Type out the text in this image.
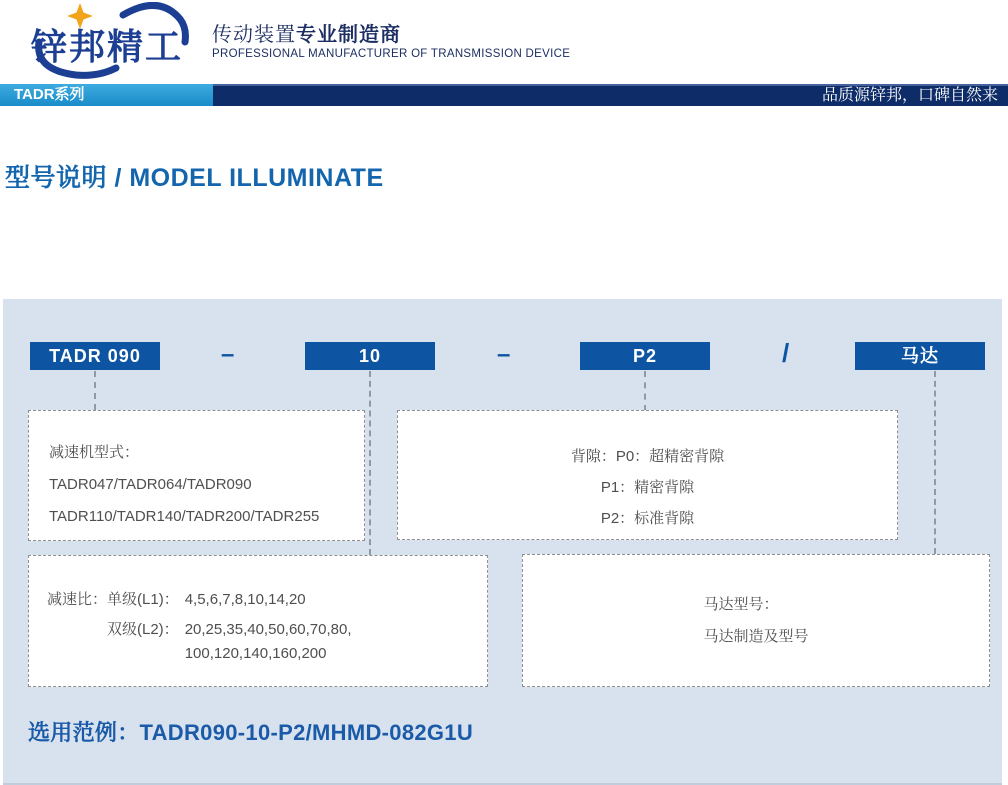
锌邦精工 传动装置专业制造商
PROFESSIONAL MANUFACTURER OF TRANSMISSION DEVICE
TADR系列	品质源锌邦，口碑自然来
型号说明 / MODEL ILLUMINATE
TADR 090	–	10	–	P2	/	马达
减速机型式：
TADR047/TADR064/TADR090
TADR110/TADR140/TADR200/TADR255
背隙：P0：超精密背隙
P1：精密背隙
P2：标准背隙
减速比： 单级(L1)： 4,5,6,7,8,10,14,20
双级(L2)： 20,25,35,40,50,60,70,80,
100,120,140,160,200
马达型号：
马达制造及型号
选用范例：TADR090-10-P2/MHMD-082G1U
